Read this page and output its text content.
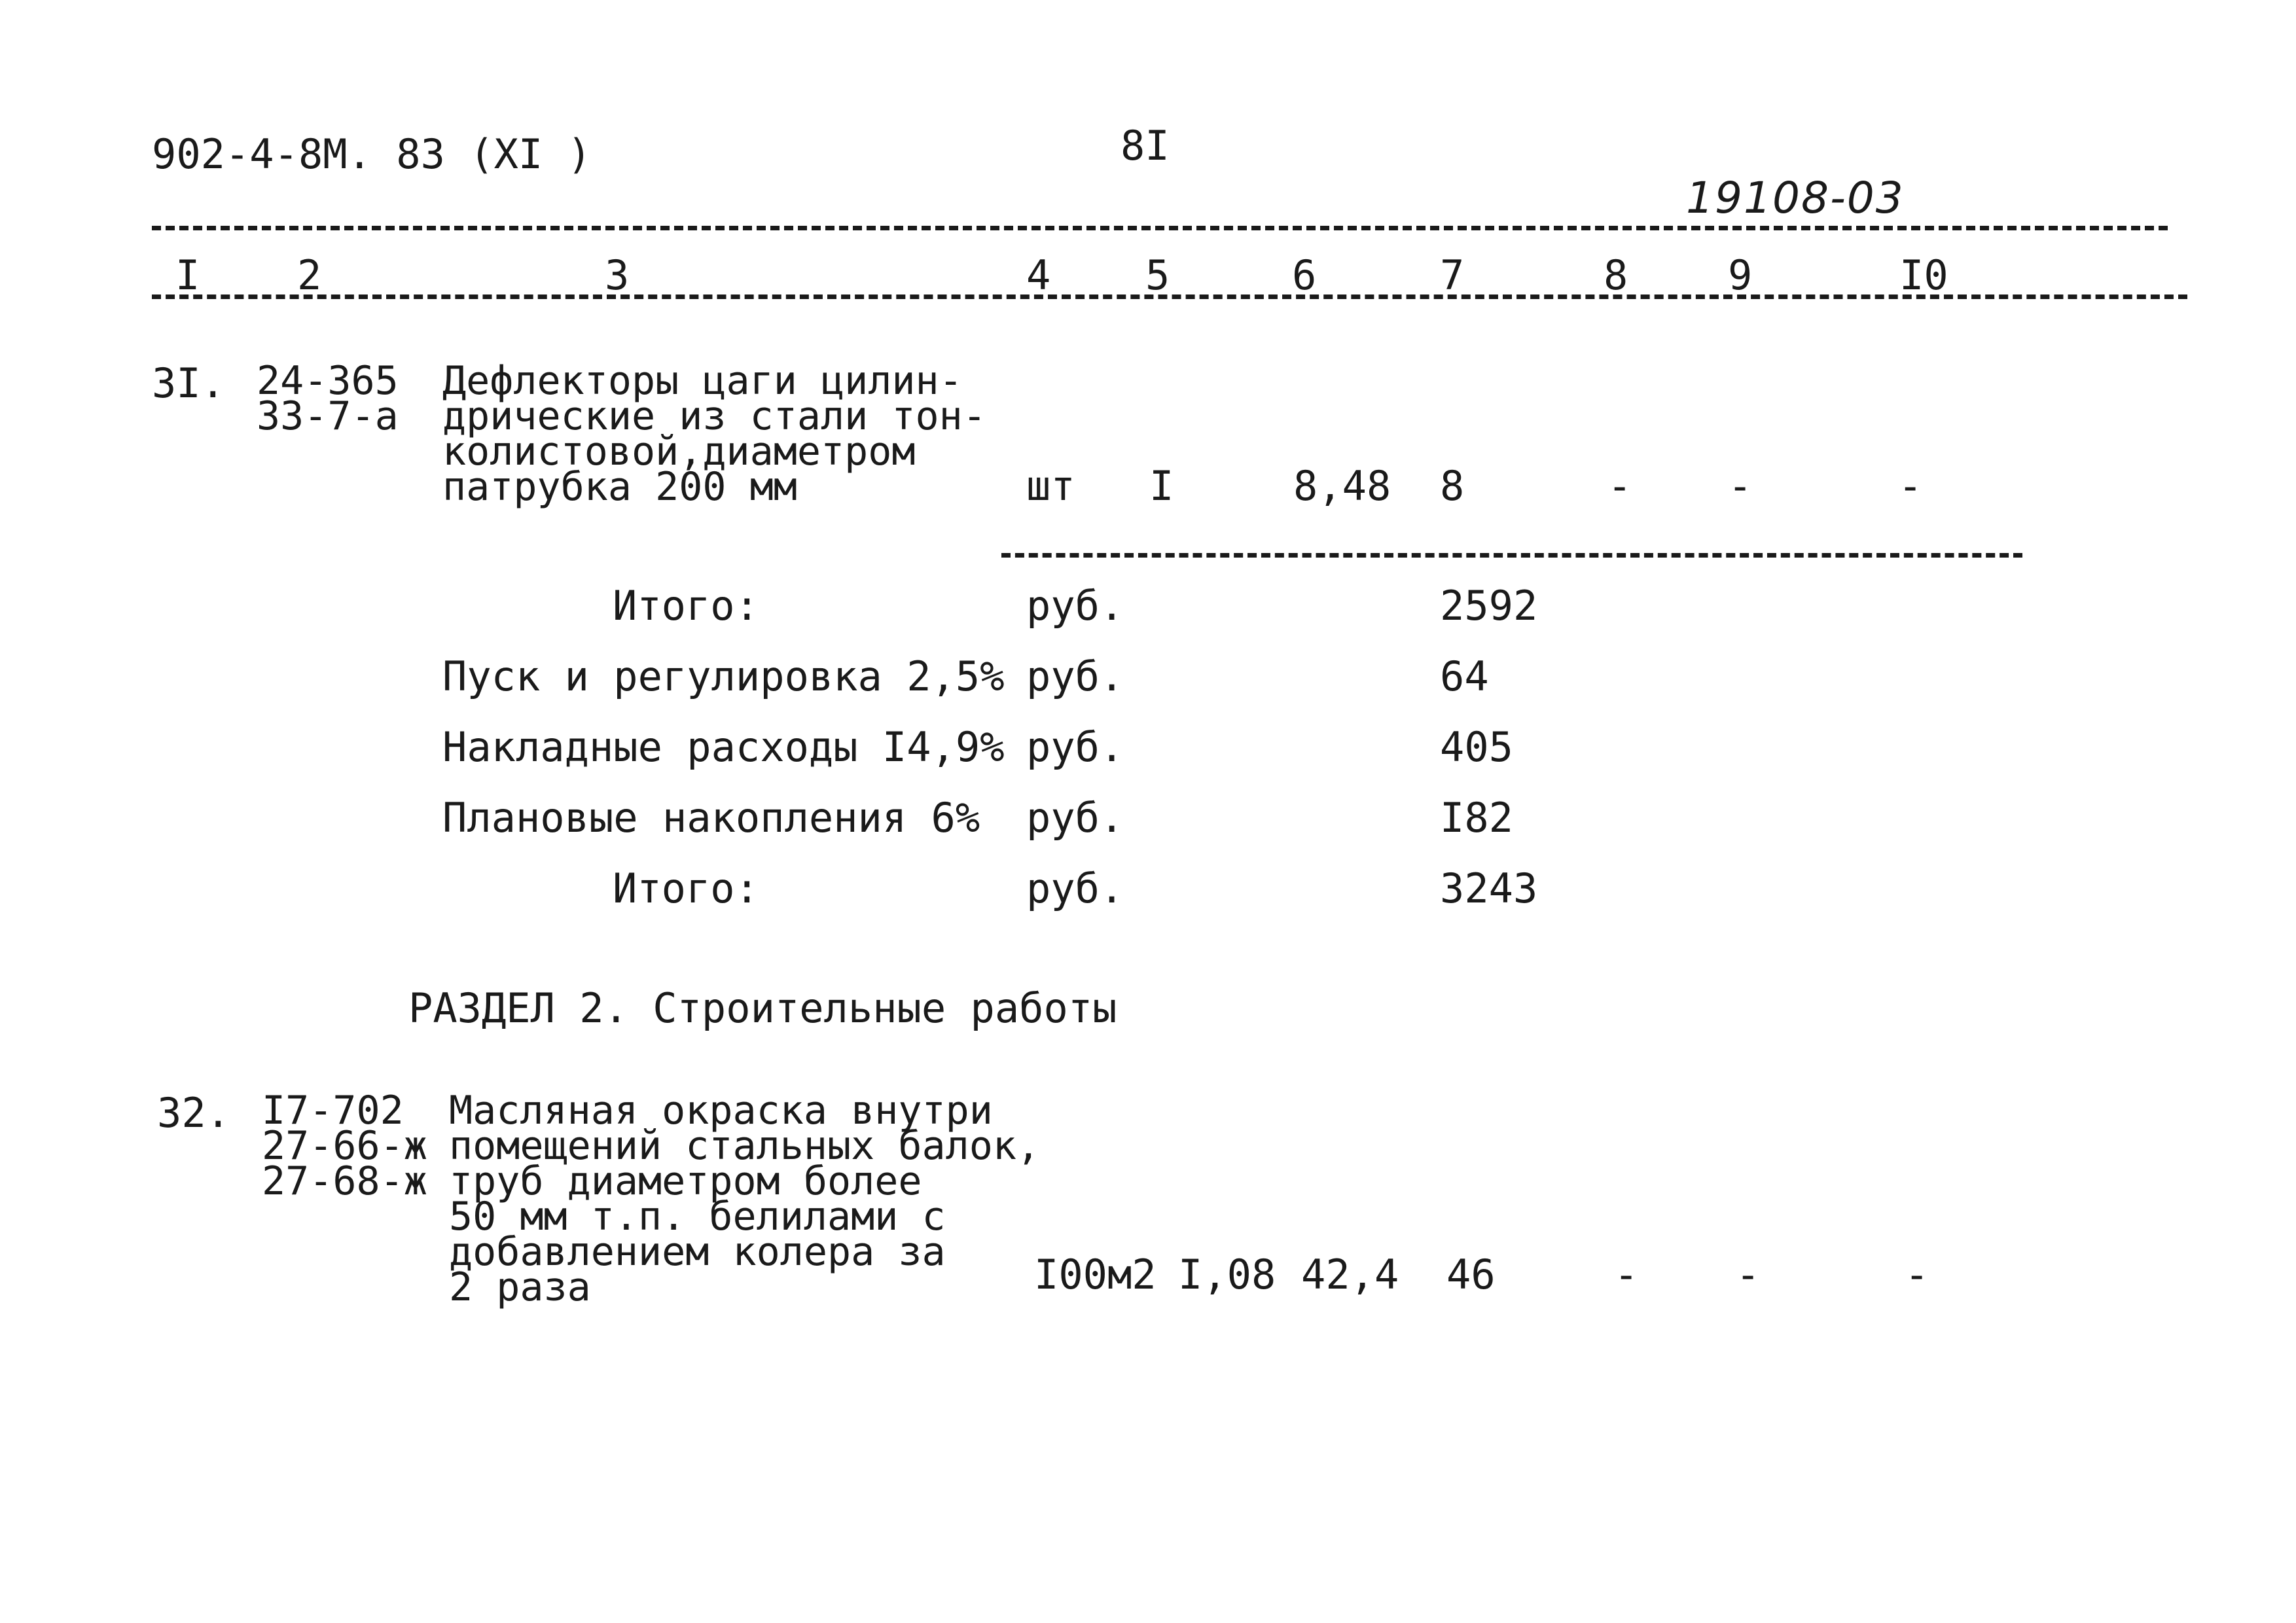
902-4-8М. 83 (XI )	8I
19108-03
I 2	3	4 5	6	7	8 9	I0
3I. 24-365
33-7-а
Дефлекторы цаги цилин-
дрические из стали тон-
колистовой,диаметром
патрубка 200 мм	шт I	8,48 8	- -	-
Итого:	руб.	2592
Пуск и регулировка 2,5% руб.	64
Накладные расходы I4,9% руб.	405
Плановые накопления 6% руб.	I82
Итого:	руб.	3243
РАЗДЕЛ 2. Строительные работы
32. I7-702
27-66-ж
27-68-ж
Масляная окраска внутри
помещений стальных балок,
труб диаметром более
50 мм т.п. белилами с
добавлением колера за
2 раза	I00м2 I,08 42,4 46	- -	-
